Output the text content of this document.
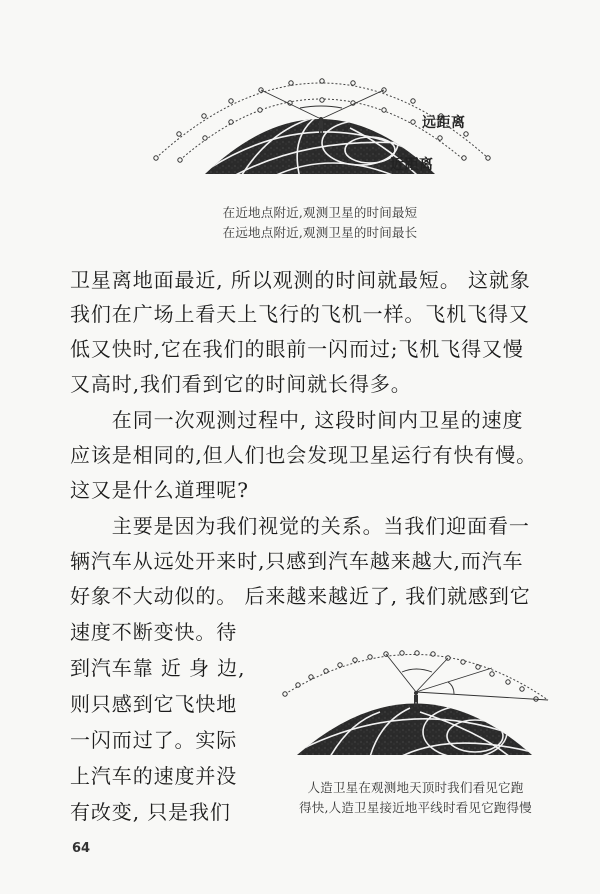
远距离
近距离
在近地点附近,观测卫星的时间最短
在远地点附近,观测卫星的时间最长
卫星离地面最近, 所以观测的时间就最短。 这就象
我们在广场上看天上飞行的飞机一样。飞机飞得又
低又快时,它在我们的眼前一闪而过;飞机飞得又慢
又高时,我们看到它的时间就长得多。
　　在同一次观测过程中, 这段时间内卫星的速度
应该是相同的,但人们也会发现卫星运行有快有慢。
这又是什么道理呢?
　　主要是因为我们视觉的关系。当我们迎面看一
辆汽车从远处开来时,只感到汽车越来越大,而汽车
好象不大动似的。 后来越来越近了, 我们就感到它
速度不断变快。待
到汽车靠 近 身 边,
则只感到它飞快地
一闪而过了。实际
上汽车的速度并没
有改变, 只是我们
人造卫星在观测地天顶时我们看见它跑
得快,人造卫星接近地平线时看见它跑得慢
64
